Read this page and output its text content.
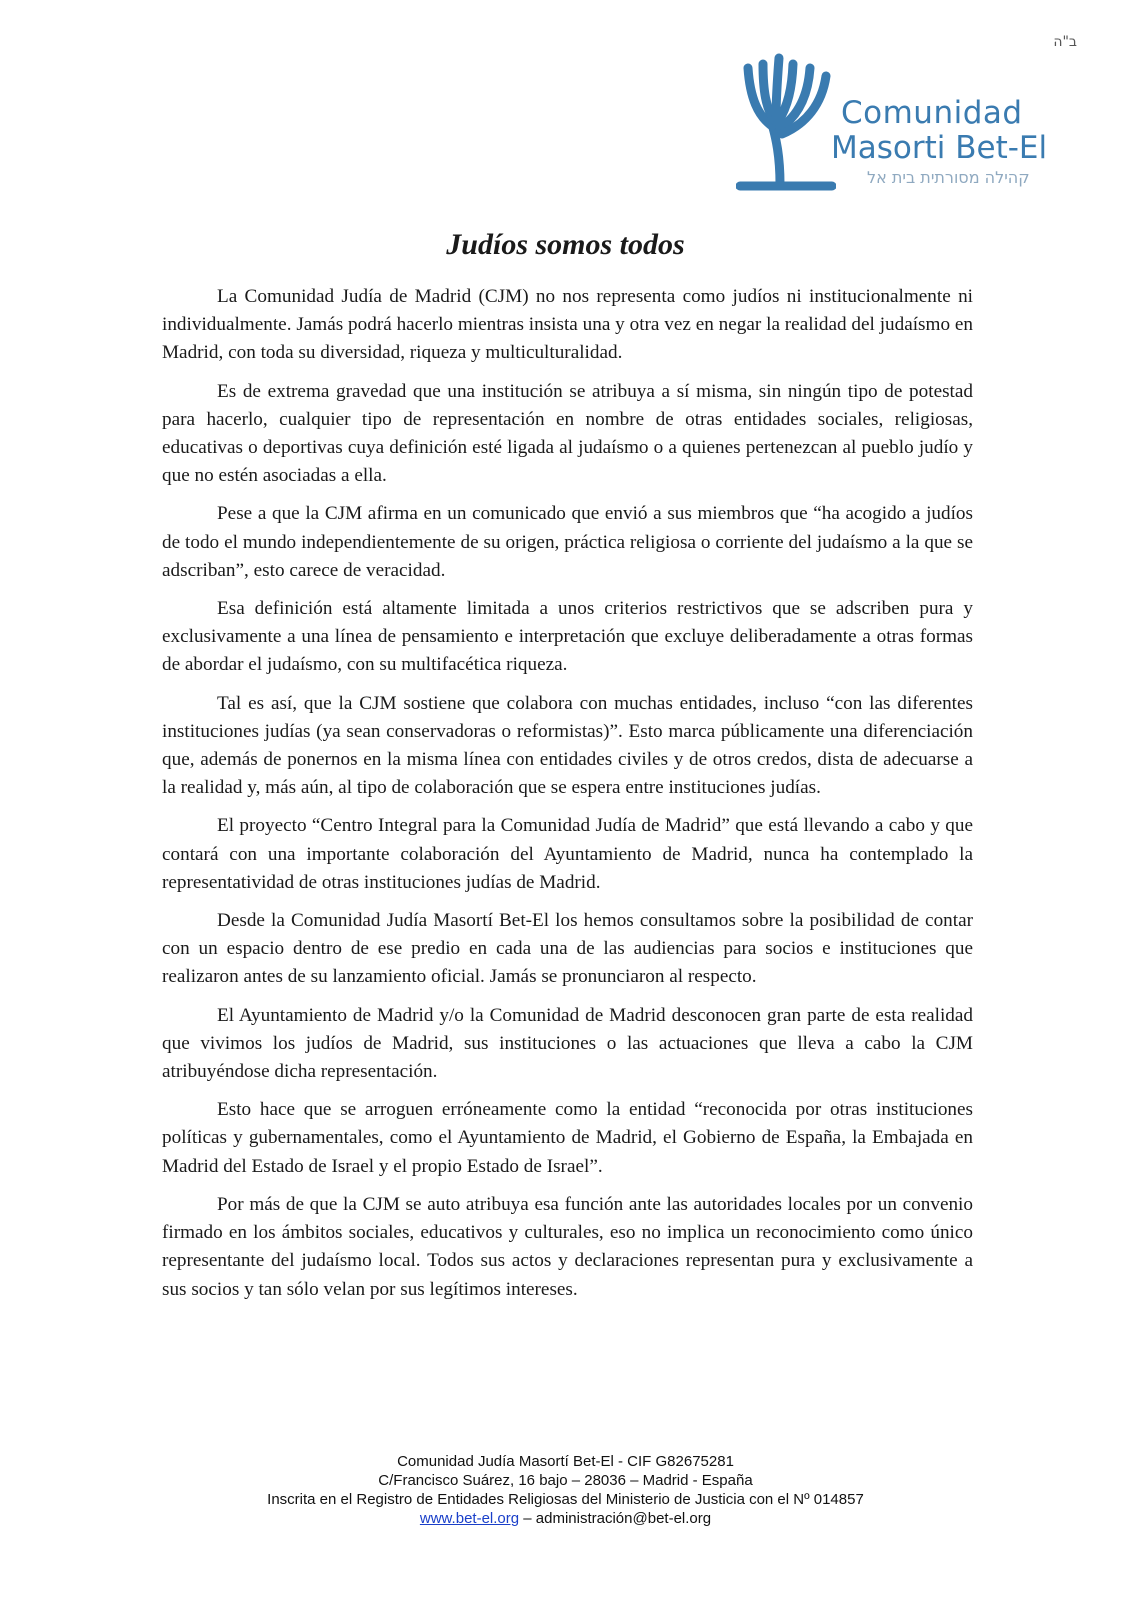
ב"ה
Comunidad
Masorti Bet-El
קהילה מסורתית בית אל
Judíos somos todos

La Comunidad Judía de Madrid (CJM) no nos representa como judíos ni institucionalmente ni individualmente. Jamás podrá hacerlo mientras insista una y otra vez en negar la realidad del judaísmo en Madrid, con toda su diversidad, riqueza y multiculturalidad.

Es de extrema gravedad que una institución se atribuya a sí misma, sin ningún tipo de potestad para hacerlo, cualquier tipo de representación en nombre de otras entidades sociales, religiosas, educativas o deportivas cuya definición esté ligada al judaísmo o a quienes pertenezcan al pueblo judío y que no estén asociadas a ella.

Pese a que la CJM afirma en un comunicado que envió a sus miembros que “ha acogido a judíos de todo el mundo independientemente de su origen, práctica religiosa o corriente del judaísmo a la que se adscriban”, esto carece de veracidad.

Esa definición está altamente limitada a unos criterios restrictivos que se adscriben pura y exclusivamente a una línea de pensamiento e interpretación que excluye deliberadamente a otras formas de abordar el judaísmo, con su multifacética riqueza.

Tal es así, que la CJM sostiene que colabora con muchas entidades, incluso “con las diferentes instituciones judías (ya sean conservadoras o reformistas)”. Esto marca públicamente una diferenciación que, además de ponernos en la misma línea con entidades civiles y de otros credos, dista de adecuarse a la realidad y, más aún, al tipo de colaboración que se espera entre instituciones judías.

El proyecto “Centro Integral para la Comunidad Judía de Madrid” que está llevando a cabo y que contará con una importante colaboración del Ayuntamiento de Madrid, nunca ha contemplado la representatividad de otras instituciones judías de Madrid.

Desde la Comunidad Judía Masortí Bet-El los hemos consultamos sobre la posibilidad de contar con un espacio dentro de ese predio en cada una de las audiencias para socios e instituciones que realizaron antes de su lanzamiento oficial. Jamás se pronunciaron al respecto.

El Ayuntamiento de Madrid y/o la Comunidad de Madrid desconocen gran parte de esta realidad que vivimos los judíos de Madrid, sus instituciones o las actuaciones que lleva a cabo la CJM atribuyéndose dicha representación.

Esto hace que se arroguen erróneamente como la entidad “reconocida por otras instituciones políticas y gubernamentales, como el Ayuntamiento de Madrid, el Gobierno de España, la Embajada en Madrid del Estado de Israel y el propio Estado de Israel”.

Por más de que la CJM se auto atribuya esa función ante las autoridades locales por un convenio firmado en los ámbitos sociales, educativos y culturales, eso no implica un reconocimiento como único representante del judaísmo local. Todos sus actos y declaraciones representan pura y exclusivamente a sus socios y tan sólo velan por sus legítimos intereses.

Comunidad Judía Masortí Bet-El - CIF G82675281
C/Francisco Suárez, 16 bajo – 28036 – Madrid - España
Inscrita en el Registro de Entidades Religiosas del Ministerio de Justicia con el Nº 014857
www.bet-el.org – administración@bet-el.org
